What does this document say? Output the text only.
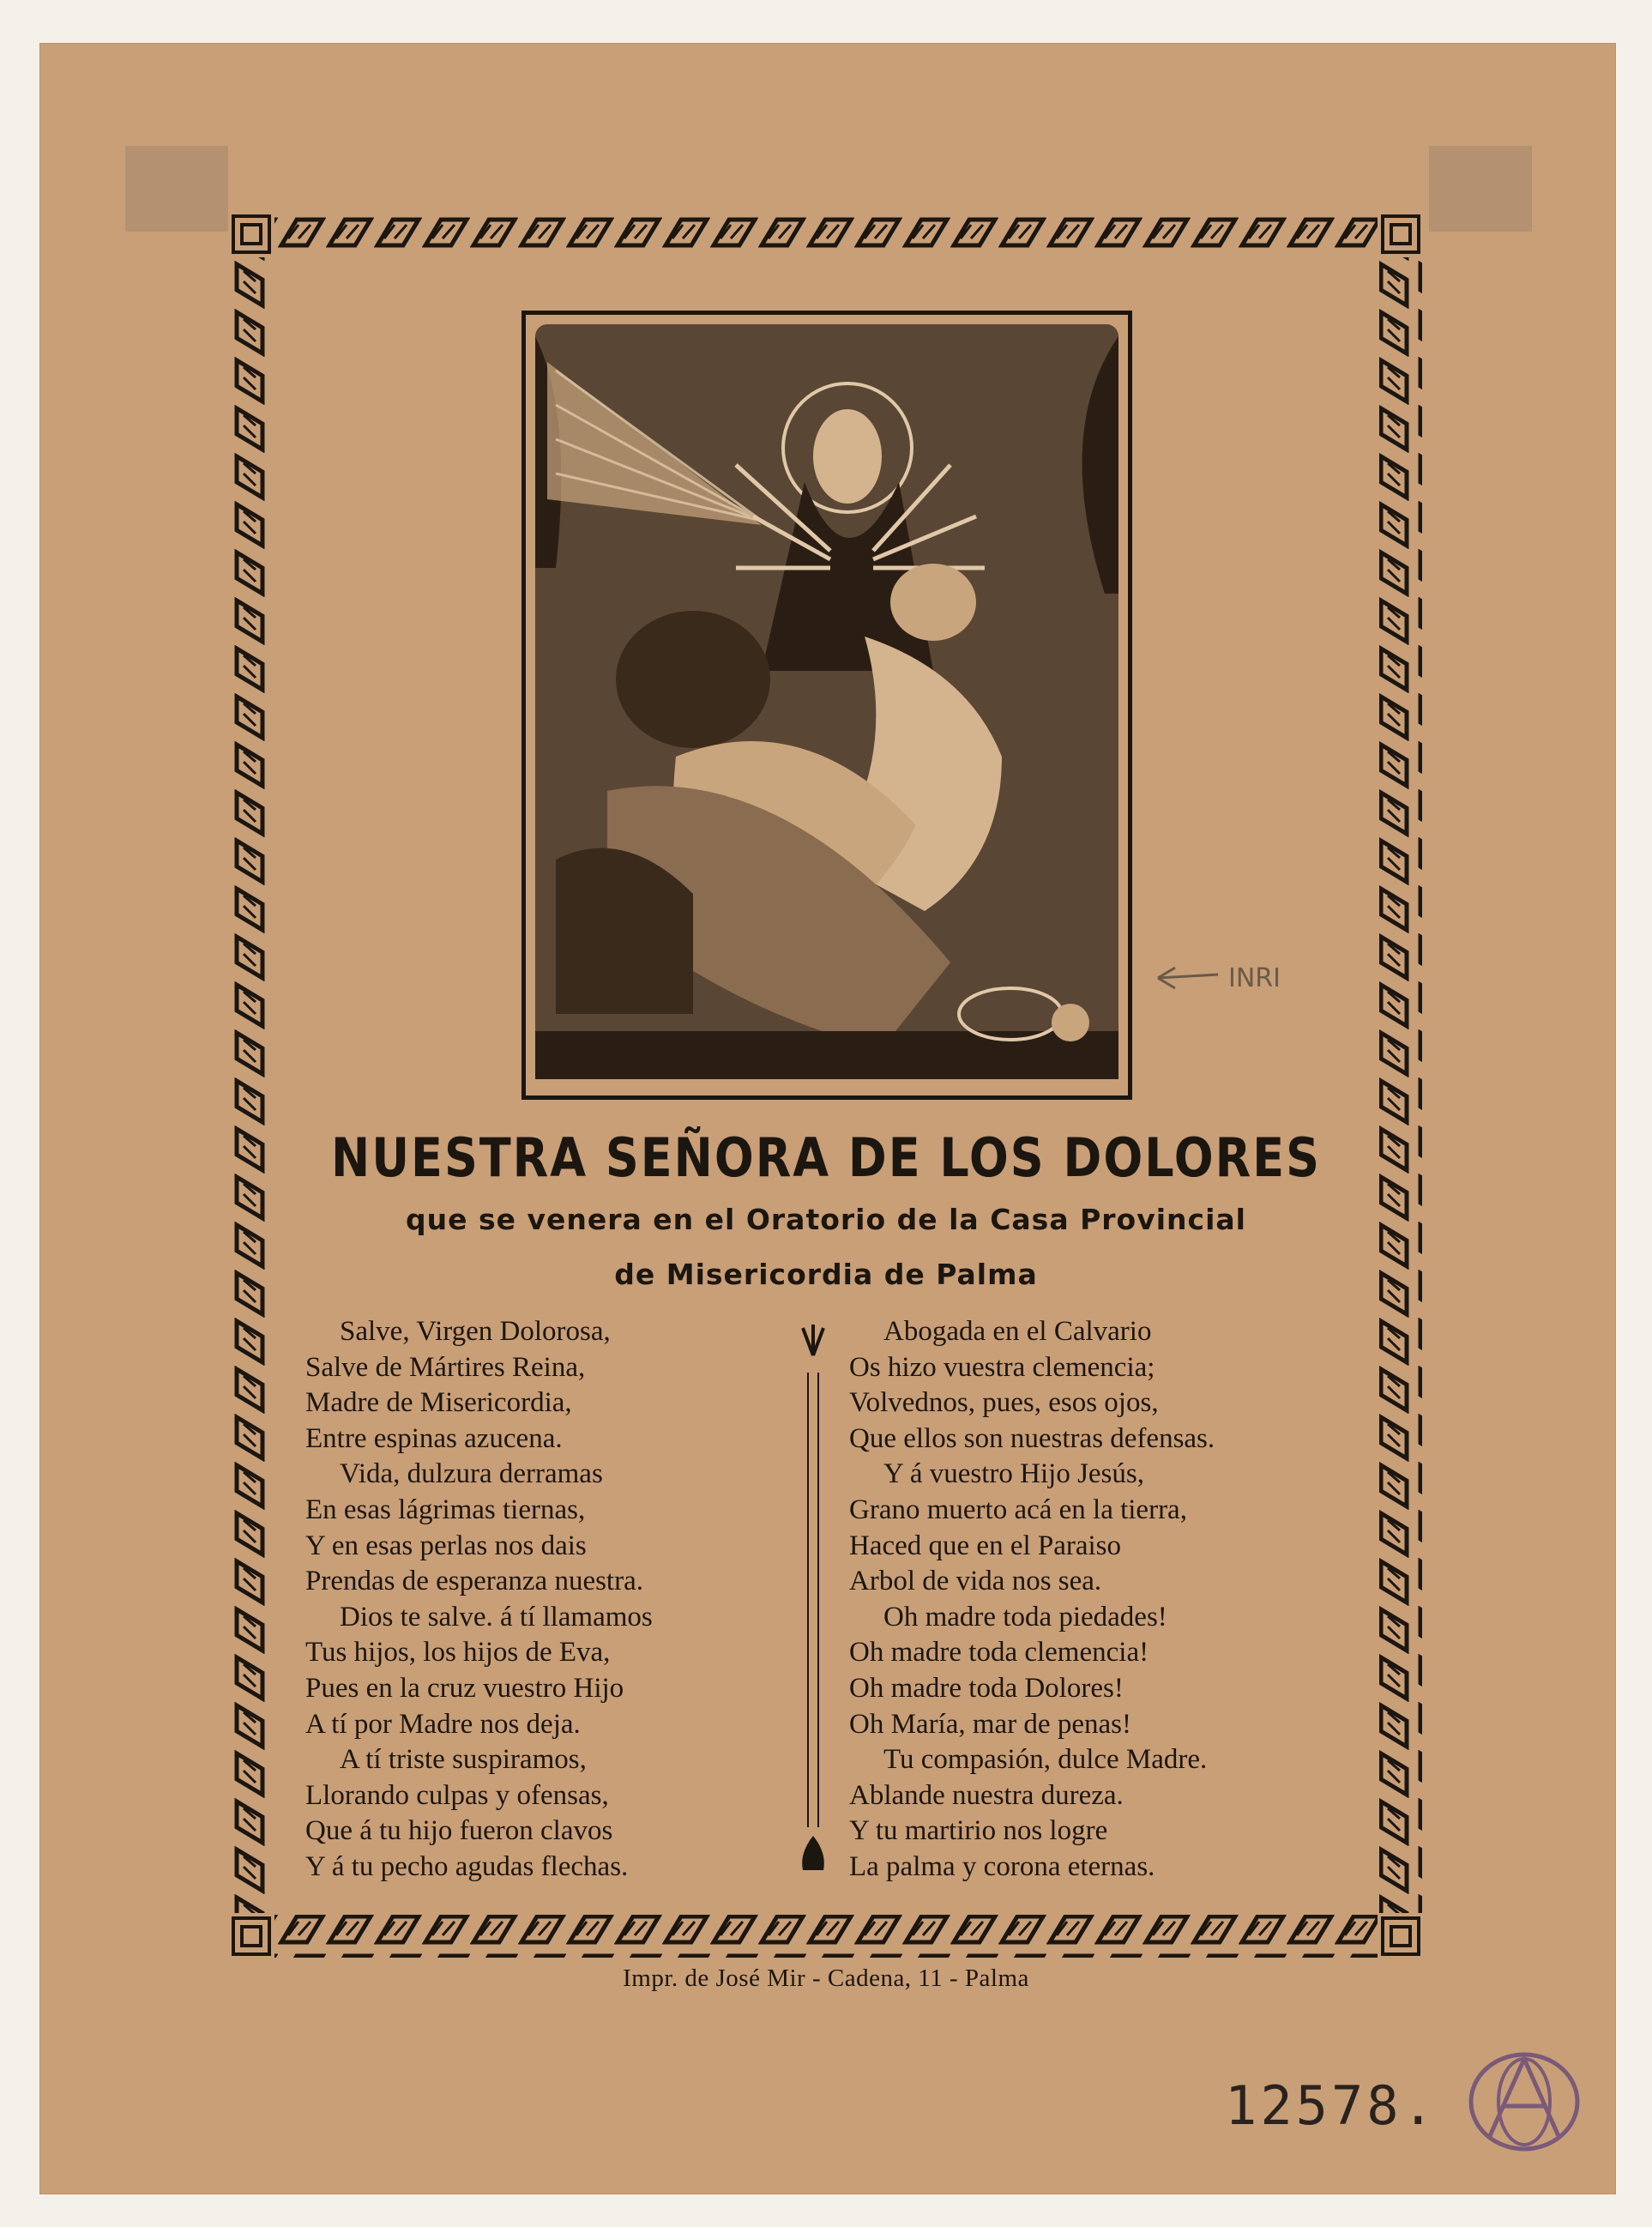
INRI
NUESTRA SEÑORA DE LOS DOLORES
que se venera en el Oratorio de la Casa Provincial
de Misericordia de Palma
Salve, Virgen Dolorosa,
Salve de Mártires Reina,
Madre de Misericordia,
Entre espinas azucena.
Vida, dulzura derramas
En esas lágrimas tiernas,
Y en esas perlas nos dais
Prendas de esperanza nuestra.
Dios te salve. á tí llamamos
Tus hijos, los hijos de Eva,
Pues en la cruz vuestro Hijo
A tí por Madre nos deja.
A tí triste suspiramos,
Llorando culpas y ofensas,
Que á tu hijo fueron clavos
Y á tu pecho agudas flechas.
Abogada en el Calvario
Os hizo vuestra clemencia;
Volvednos, pues, esos ojos,
Que ellos son nuestras defensas.
Y á vuestro Hijo Jesús,
Grano muerto acá en la tierra,
Haced que en el Paraiso
Arbol de vida nos sea.
Oh madre toda piedades!
Oh madre toda clemencia!
Oh madre toda Dolores!
Oh María, mar de penas!
Tu compasión, dulce Madre.
Ablande nuestra dureza.
Y tu martirio nos logre
La palma y corona eternas.
Impr. de José Mir - Cadena, 11 - Palma
12578.
